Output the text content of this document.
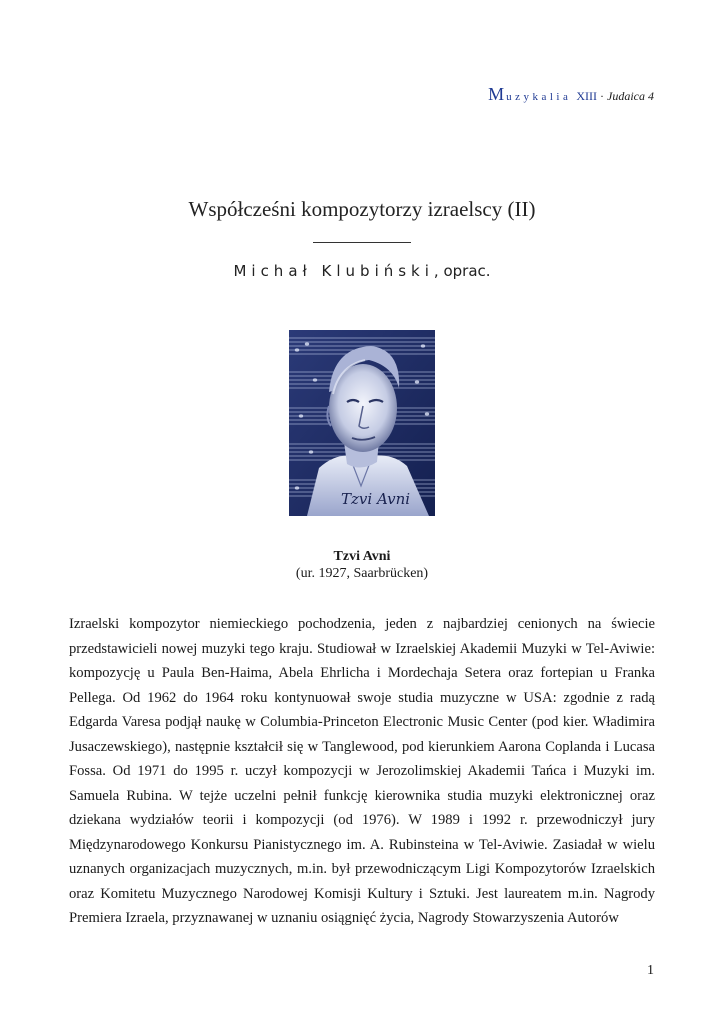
Muzykalia XIII · Judaica 4
Współcześni kompozytorzy izraelscy (II)
Michał Klubiński, oprac.
Tzvi Avni
Tzvi Avni
(ur. 1927, Saarbrücken)

Izraelski kompozytor niemieckiego pochodzenia, jeden z najbardziej cenionych na świecie przedstawicieli nowej muzyki tego kraju. Studiował w Izraelskiej Akademii Muzyki w Tel-Aviwie: kompozycję u Paula Ben-Haima, Abela Ehrlicha i Mordechaja Setera oraz fortepian u Franka Pellega. Od 1962 do 1964 roku kontynuował swoje studia muzyczne w USA: zgodnie z radą Edgarda Varesa podjął naukę w Columbia-Princeton Electronic Music Center (pod kier. Władimira Jusaczewskiego), następnie kształcił się w Tanglewood, pod kierunkiem Aarona Coplanda i Lucasa Fossa. Od 1971 do 1995 r. uczył kompozycji w Jerozolimskiej Akademii Tańca i Muzyki im. Samuela Rubina. W tejże uczelni pełnił funkcję kierownika studia muzyki elektronicznej oraz dziekana wydziałów teorii i kompozycji (od 1976). W 1989 i 1992 r. przewodniczył jury Międzynarodowego Konkursu Pianistycznego im. A. Rubinsteina w Tel-Aviwie. Zasiadał w wielu uznanych organizacjach muzycznych, m.in. był przewodniczącym Ligi Kompozytorów Izraelskich oraz Komitetu Muzycznego Narodowej Komisji Kultury i Sztuki. Jest laureatem m.in. Nagrody Premiera Izraela, przyznawanej w uznaniu osiągnięć życia, Nagrody Stowarzyszenia Autorów

1
